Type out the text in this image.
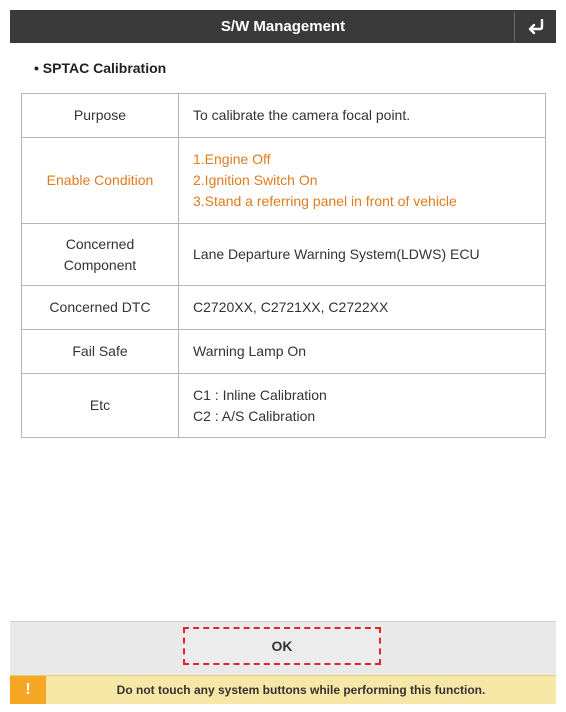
S/W Management
• SPTAC Calibration
Purpose	To calibrate the camera focal point.

Enable Condition	1.Engine Off
2.Ignition Switch On
3.Stand a referring panel in front of vehicle

Concerned
Component	Lane Departure Warning System(LDWS) ECU

Concerned DTC	C2720XX, C2721XX, C2722XX

Fail Safe	Warning Lamp On

Etc	C1 : Inline Calibration
C2 : A/S Calibration
OK
!	Do not touch any system buttons while performing this function.
